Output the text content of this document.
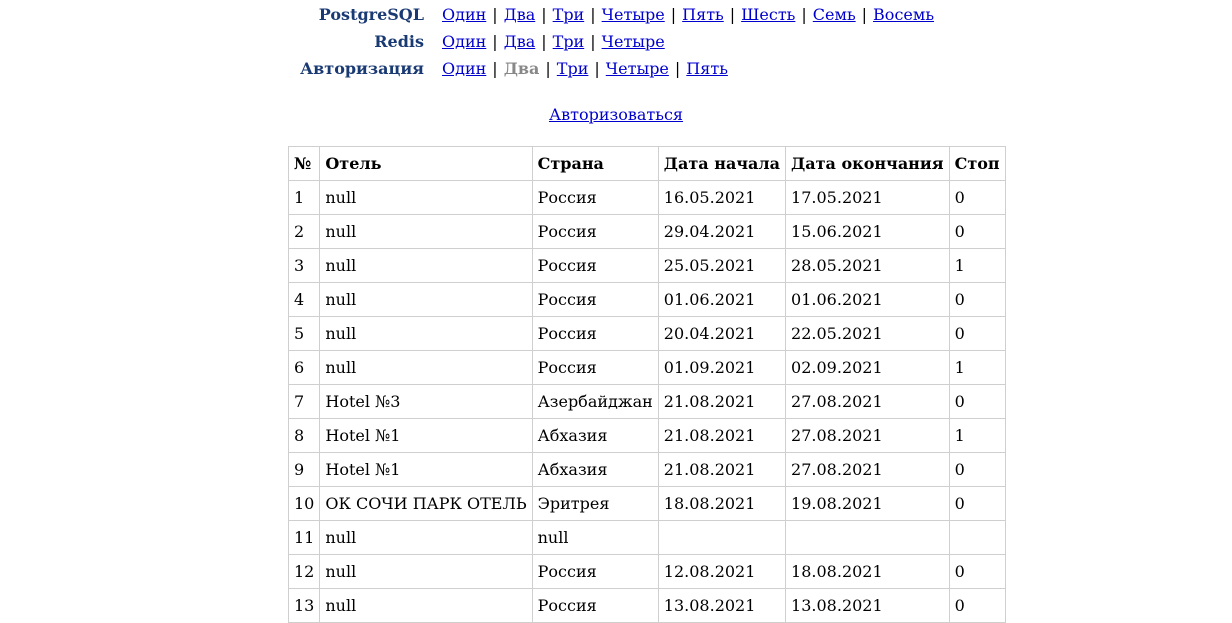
PostgreSQL Один | Два | Три | Четыре | Пять | Шесть | Семь | Восемь
Redis Один | Два | Три | Четыре
Авторизация Один | Два | Три | Четыре | Пять
Авторизоваться
№	Отель	Страна	Дата начала	Дата окончания	Стоп
1	null	Россия	16.05.2021	17.05.2021	0
2	null	Россия	29.04.2021	15.06.2021	0
3	null	Россия	25.05.2021	28.05.2021	1
4	null	Россия	01.06.2021	01.06.2021	0
5	null	Россия	20.04.2021	22.05.2021	0
6	null	Россия	01.09.2021	02.09.2021	1
7	Hotel №3	Азербайджан	21.08.2021	27.08.2021	0
8	Hotel №1	Абхазия	21.08.2021	27.08.2021	1
9	Hotel №1	Абхазия	21.08.2021	27.08.2021	0
10	ОК СОЧИ ПАРК ОТЕЛЬ	Эритрея	18.08.2021	19.08.2021	0
11	null	null			
12	null	Россия	12.08.2021	18.08.2021	0
13	null	Россия	13.08.2021	13.08.2021	0
